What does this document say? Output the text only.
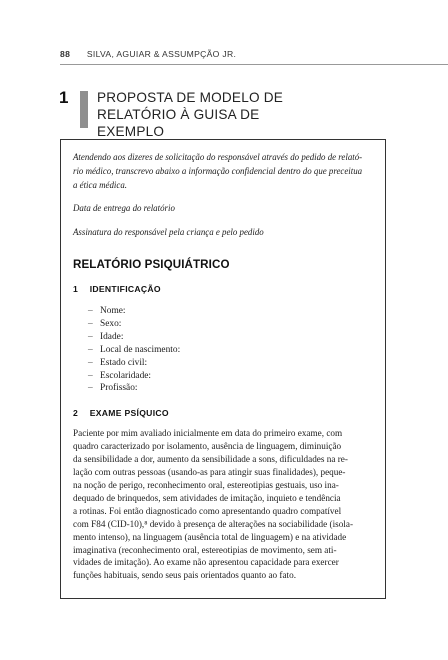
88 SILVA, AGUIAR & ASSUMPÇÃO JR.
1 PROPOSTA DE MODELO DE
RELATÓRIO À GUISA DE EXEMPLO

Atendendo aos dizeres de solicitação do responsável através do pedido de relató-
rio médico, transcrevo abaixo a informação confidencial dentro do que preceitua
a ética médica.

Data de entrega do relatório

Assinatura do responsável pela criança e pelo pedido

RELATÓRIO PSIQUIÁTRICO
1 IDENTIFICAÇÃO
– Nome:
– Sexo:
– Idade:
– Local de nascimento:
– Estado civil:
– Escolaridade:
– Profissão:
2 EXAME PSÍQUICO

Paciente por mim avaliado inicialmente em data do primeiro exame, com
quadro caracterizado por isolamento, ausência de linguagem, diminuição
da sensibilidade a dor, aumento da sensibilidade a sons, dificuldades na re-
lação com outras pessoas (usando-as para atingir suas finalidades), peque-
na noção de perigo, reconhecimento oral, estereotipias gestuais, uso ina-
dequado de brinquedos, sem atividades de imitação, inquieto e tendência
a rotinas. Foi então diagnosticado como apresentando quadro compatível
com F84 (CID-10),⁸ devido à presença de alterações na sociabilidade (isola-
mento intenso), na linguagem (ausência total de linguagem) e na atividade
imaginativa (reconhecimento oral, estereotipias de movimento, sem ati-
vidades de imitação). Ao exame não apresentou capacidade para exercer
funções habituais, sendo seus pais orientados quanto ao fato.
